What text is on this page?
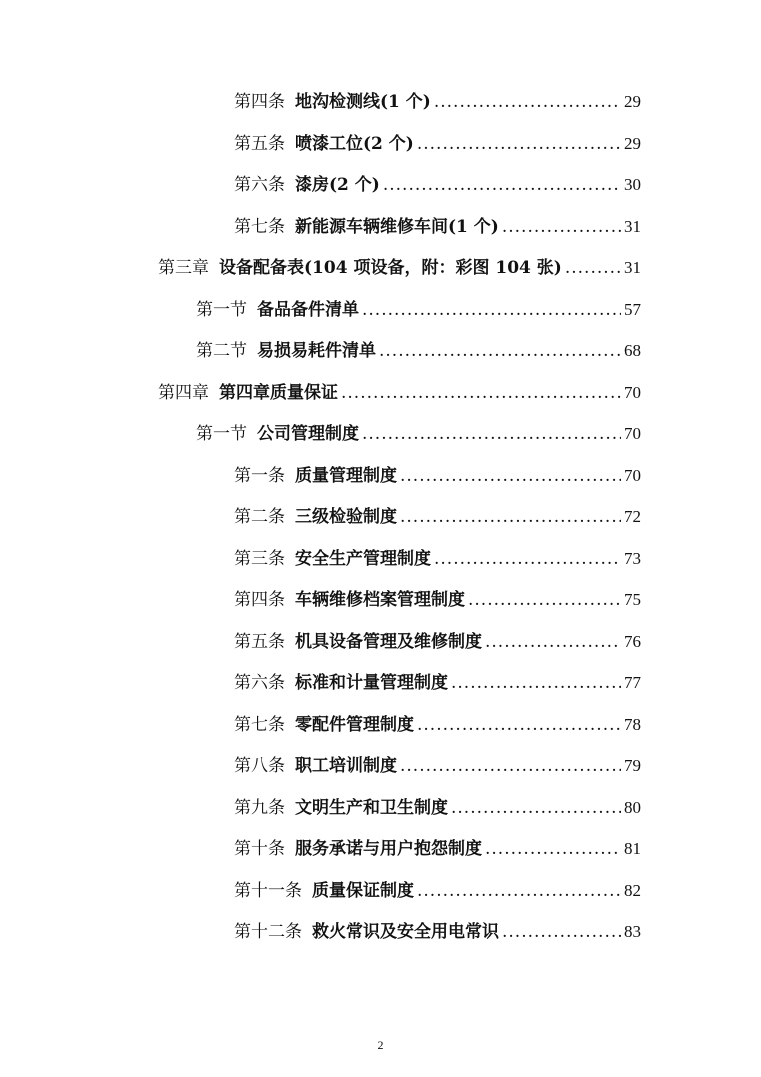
第四条 地沟检测线(1 个) .....	29
第五条 喷漆工位(2 个) .....	29
第六条 漆房(2 个) .....	30
第七条 新能源车辆维修车间(1 个) .....	31
第三章 设备配备表(104 项设备，附：彩图 104 张) .....	31
第一节 备品备件清单 .....	57
第二节 易损易耗件清单 .....	68
第四章 第四章质量保证 .....	70
第一节 公司管理制度 .....	70
第一条 质量管理制度 .....	70
第二条 三级检验制度 .....	72
第三条 安全生产管理制度 .....	73
第四条 车辆维修档案管理制度 .....	75
第五条 机具设备管理及维修制度 .....	76
第六条 标准和计量管理制度 .....	77
第七条 零配件管理制度 .....	78
第八条 职工培训制度 .....	79
第九条 文明生产和卫生制度 .....	80
第十条 服务承诺与用户抱怨制度 .....	81
第十一条 质量保证制度 .....	82
第十二条 救火常识及安全用电常识 .....	83
2
